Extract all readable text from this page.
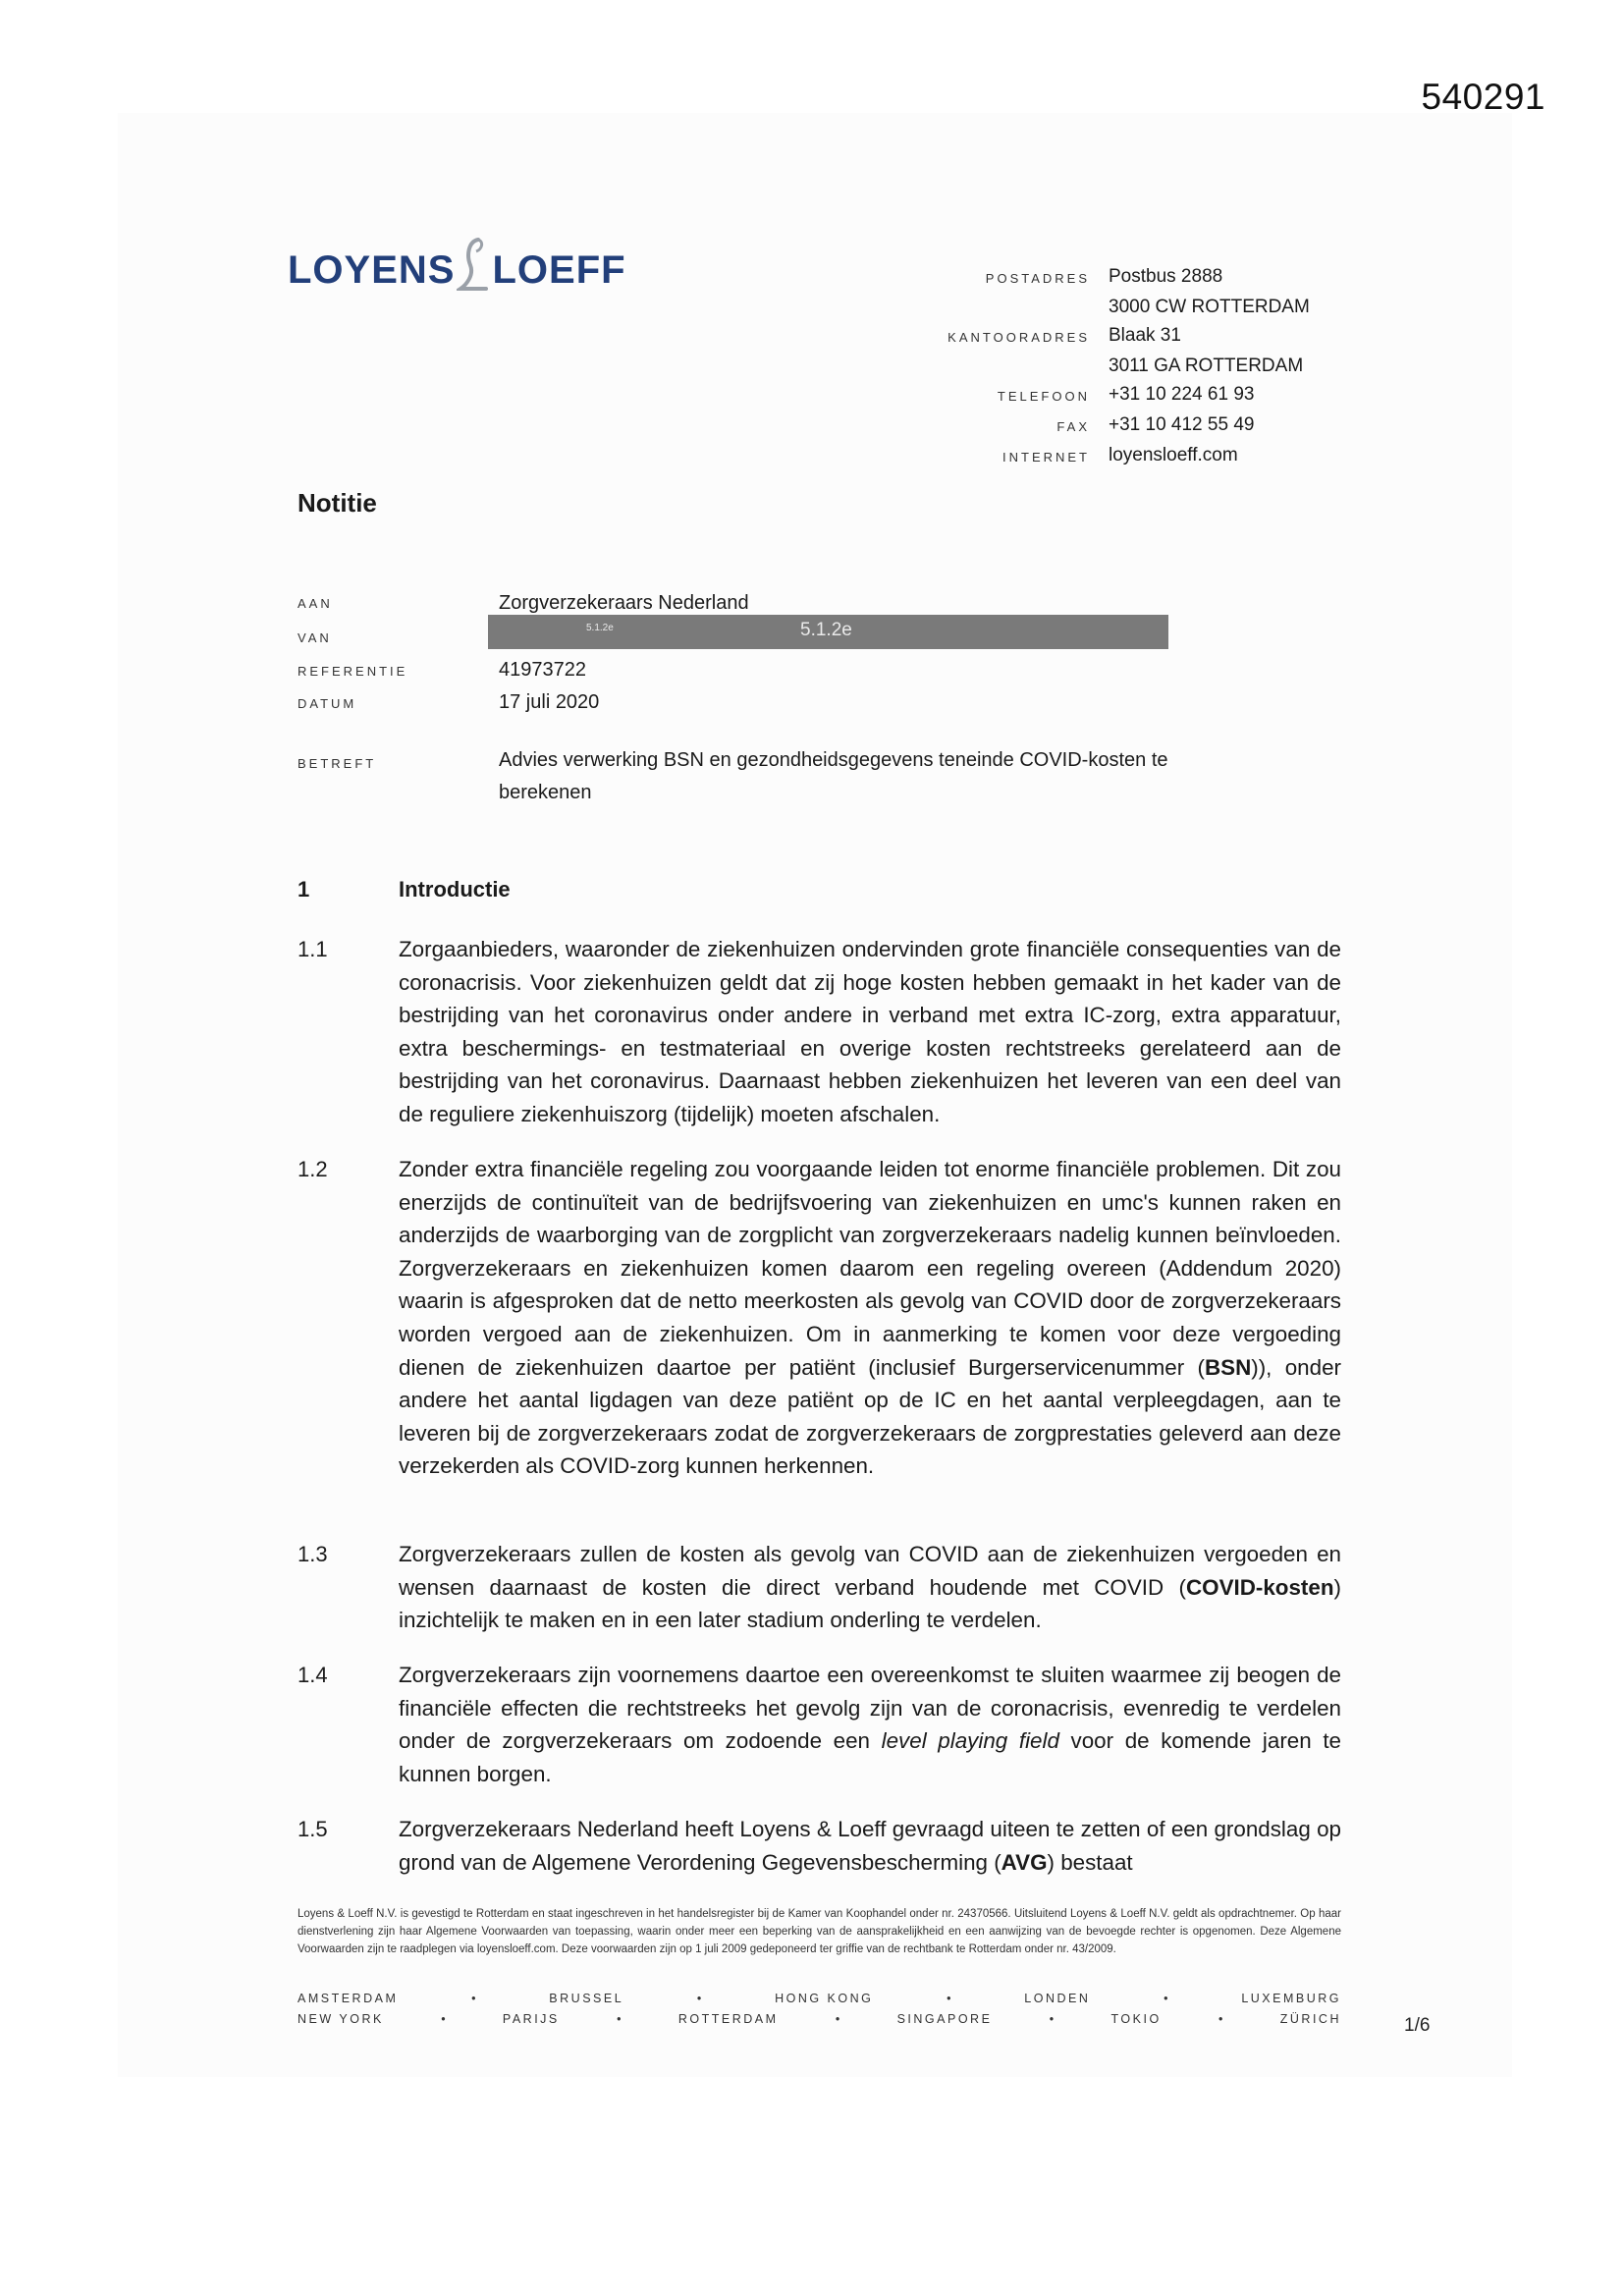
540291
LOYENS LOEFF	POSTADRES Postbus 2888
3000 CW ROTTERDAM
KANTOORADRES Blaak 31
3011 GA ROTTERDAM
TELEFOON +31 10 224 61 93
FAX +31 10 412 55 49
INTERNET loyensloeff.com
Notitie
AAN	Zorgverzekeraars Nederland
VAN
5.1.2e	5.1.2e
REFERENTIE	41973722
DATUM	17 juli 2020
BETREFT	Advies verwerking BSN en gezondheidsgegevens teneinde COVID-kosten te berekenen
1	Introductie
1.1	Zorgaanbieders, waaronder de ziekenhuizen ondervinden grote financiële consequenties van de coronacrisis. Voor ziekenhuizen geldt dat zij hoge kosten hebben gemaakt in het kader van de bestrijding van het coronavirus onder andere in verband met extra IC-zorg, extra apparatuur, extra beschermings- en testmateriaal en overige kosten rechtstreeks gerelateerd aan de bestrijding van het coronavirus. Daarnaast hebben ziekenhuizen het leveren van een deel van de reguliere ziekenhuiszorg (tijdelijk) moeten afschalen.
1.2	Zonder extra financiële regeling zou voorgaande leiden tot enorme financiële problemen. Dit zou enerzijds de continuïteit van de bedrijfsvoering van ziekenhuizen en umc's kunnen raken en anderzijds de waarborging van de zorgplicht van zorgverzekeraars nadelig kunnen beïnvloeden. Zorgverzekeraars en ziekenhuizen komen daarom een regeling overeen (Addendum 2020) waarin is afgesproken dat de netto meerkosten als gevolg van COVID door de zorgverzekeraars worden vergoed aan de ziekenhuizen. Om in aanmerking te komen voor deze vergoeding dienen de ziekenhuizen daartoe per patiënt (inclusief Burgerservicenummer (BSN)), onder andere het aantal ligdagen van deze patiënt op de IC en het aantal verpleegdagen, aan te leveren bij de zorgverzekeraars zodat de zorgverzekeraars de zorgprestaties geleverd aan deze verzekerden als COVID-zorg kunnen herkennen.
1.3	Zorgverzekeraars zullen de kosten als gevolg van COVID aan de ziekenhuizen vergoeden en wensen daarnaast de kosten die direct verband houdende met COVID (COVID-kosten) inzichtelijk te maken en in een later stadium onderling te verdelen.
1.4	Zorgverzekeraars zijn voornemens daartoe een overeenkomst te sluiten waarmee zij beogen de financiële effecten die rechtstreeks het gevolg zijn van de coronacrisis, evenredig te verdelen onder de zorgverzekeraars om zodoende een level playing field voor de komende jaren te kunnen borgen.
1.5	Zorgverzekeraars Nederland heeft Loyens & Loeff gevraagd uiteen te zetten of een grondslag op grond van de Algemene Verordening Gegevensbescherming (AVG) bestaat
Loyens & Loeff N.V. is gevestigd te Rotterdam en staat ingeschreven in het handelsregister bij de Kamer van Koophandel onder nr. 24370566. Uitsluitend Loyens & Loeff N.V. geldt als opdrachtnemer. Op haar dienstverlening zijn haar Algemene Voorwaarden van toepassing, waarin onder meer een beperking van de aansprakelijkheid en een aanwijzing van de bevoegde rechter is opgenomen. Deze Algemene Voorwaarden zijn te raadplegen via loyensloeff.com. Deze voorwaarden zijn op 1 juli 2009 gedeponeerd ter griffie van de rechtbank te Rotterdam onder nr. 43/2009.
AMSTERDAM	•	BRUSSEL	•	HONG KONG	•	LONDEN	•	LUXEMBURG
NEW YORK	•	PARIJS	•	ROTTERDAM	•	SINGAPORE	•	TOKIO	•	ZÜRICH	1/6
